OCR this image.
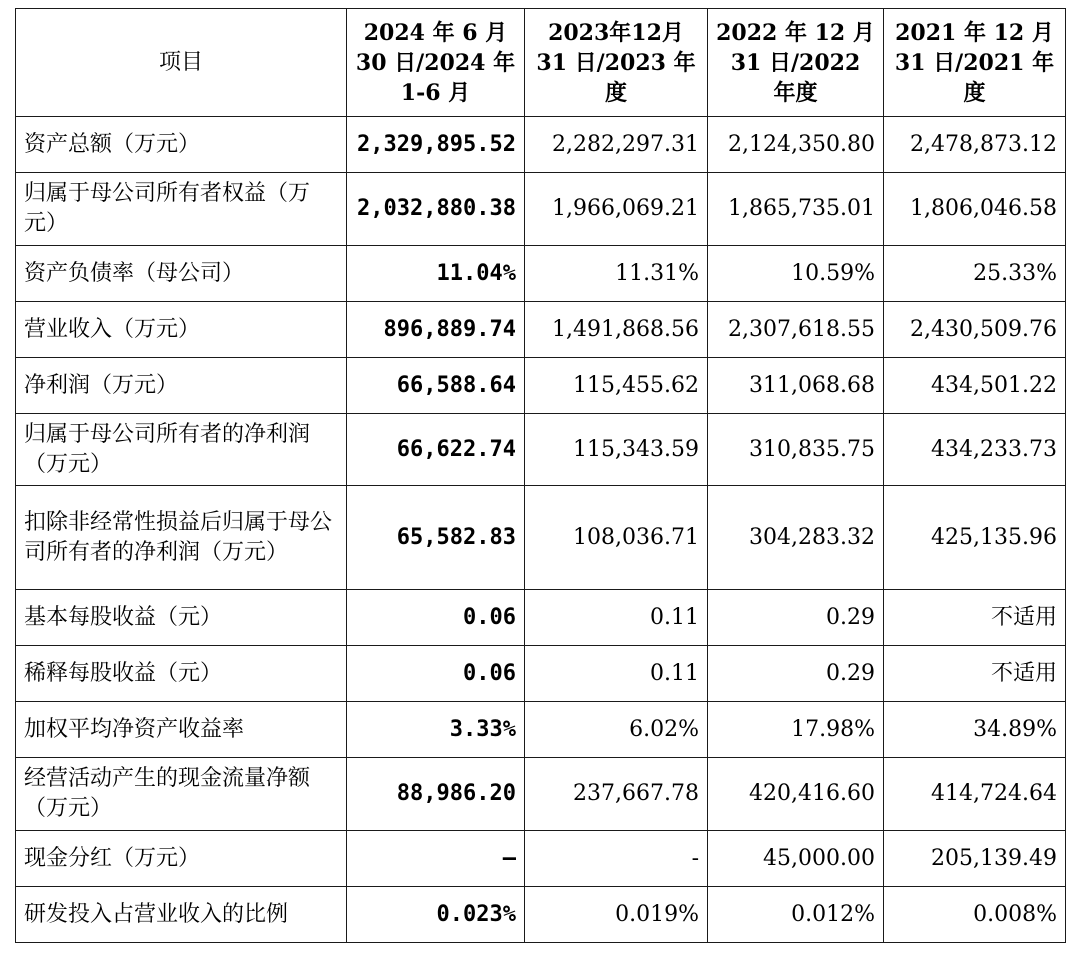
项目	2024 年 6 月 30 日/2024 年 1-6 月	2023年12月31 日/2023 年度	2022 年 12 月 31 日/2022 年度	2021 年 12 月 31 日/2021 年度
资产总额（万元）	2,329,895.52	2,282,297.31	2,124,350.80	2,478,873.12
归属于母公司所有者权益（万元）	2,032,880.38	1,966,069.21	1,865,735.01	1,806,046.58
资产负债率（母公司）	11.04%	11.31%	10.59%	25.33%
营业收入（万元）	896,889.74	1,491,868.56	2,307,618.55	2,430,509.76
净利润（万元）	66,588.64	115,455.62	311,068.68	434,501.22
归属于母公司所有者的净利润（万元）	66,622.74	115,343.59	310,835.75	434,233.73
扣除非经常性损益后归属于母公司所有者的净利润（万元）	65,582.83	108,036.71	304,283.32	425,135.96
基本每股收益（元）	0.06	0.11	0.29	不适用
稀释每股收益（元）	0.06	0.11	0.29	不适用
加权平均净资产收益率	3.33%	6.02%	17.98%	34.89%
经营活动产生的现金流量净额（万元）	88,986.20	237,667.78	420,416.60	414,724.64
现金分红（万元）	–	-	45,000.00	205,139.49
研发投入占营业收入的比例	0.023%	0.019%	0.012%	0.008%
